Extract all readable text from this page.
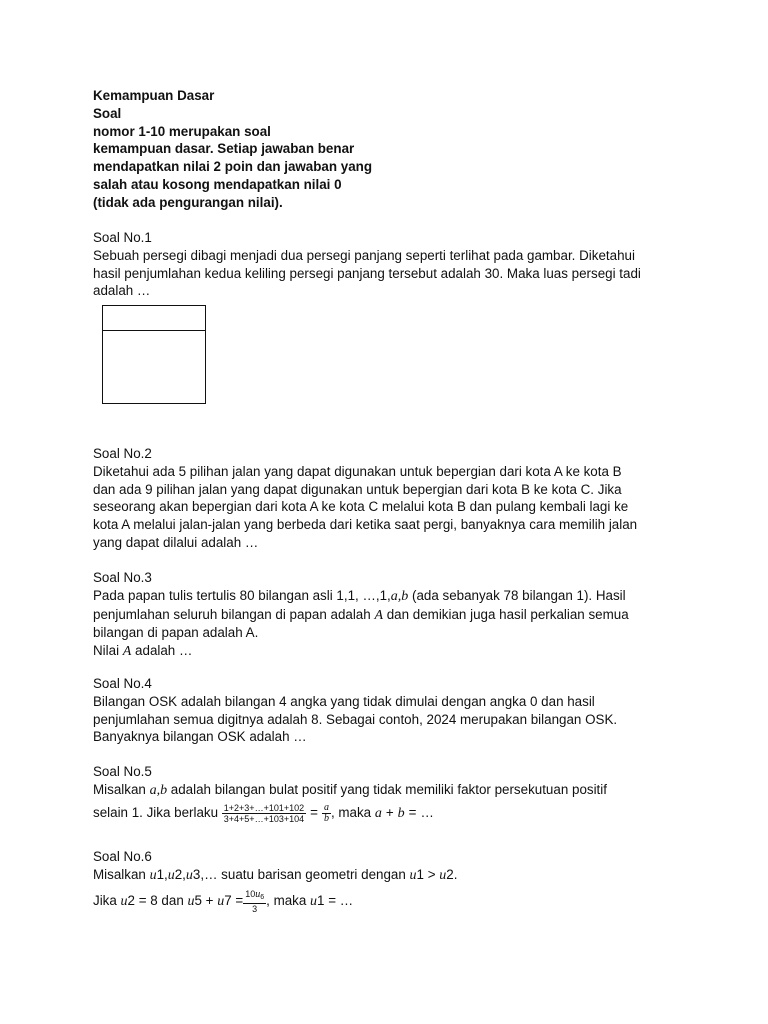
Kemampuan Dasar
Soal
nomor 1-10 merupakan soal
kemampuan dasar. Setiap jawaban benar
mendapatkan nilai 2 poin dan jawaban yang
salah atau kosong mendapatkan nilai 0
(tidak ada pengurangan nilai).
Soal No.1
Sebuah persegi dibagi menjadi dua persegi panjang seperti terlihat pada gambar. Diketahui
hasil penjumlahan kedua keliling persegi panjang tersebut adalah 30. Maka luas persegi tadi
adalah …
Soal No.2
Diketahui ada 5 pilihan jalan yang dapat digunakan untuk bepergian dari kota A ke kota B
dan ada 9 pilihan jalan yang dapat digunakan untuk bepergian dari kota B ke kota C. Jika
seseorang akan bepergian dari kota A ke kota C melalui kota B dan pulang kembali lagi ke
kota A melalui jalan-jalan yang berbeda dari ketika saat pergi, banyaknya cara memilih jalan
yang dapat dilalui adalah …
Soal No.3
Pada papan tulis tertulis 80 bilangan asli 1,1, …,1,a,b (ada sebanyak 78 bilangan 1). Hasil
penjumlahan seluruh bilangan di papan adalah A dan demikian juga hasil perkalian semua
bilangan di papan adalah A.
Nilai A adalah …
Soal No.4
Bilangan OSK adalah bilangan 4 angka yang tidak dimulai dengan angka 0 dan hasil
penjumlahan semua digitnya adalah 8. Sebagai contoh, 2024 merupakan bilangan OSK.
Banyaknya bilangan OSK adalah …
Soal No.5
Misalkan a,b adalah bilangan bulat positif yang tidak memiliki faktor persekutuan positif
selain 1. Jika berlaku $\frac{1+2+3+\dots+101+102}{3+4+5+\dots+103+104} = \frac{a}{b}$ , maka a + b = …
Soal No.6
Misalkan u1,u2,u3,… suatu barisan geometri dengan u1 > u2.
Jika u2 = 8 dan $u5 + u7 = \frac{10u_6}{3}$ , maka u1 = …
